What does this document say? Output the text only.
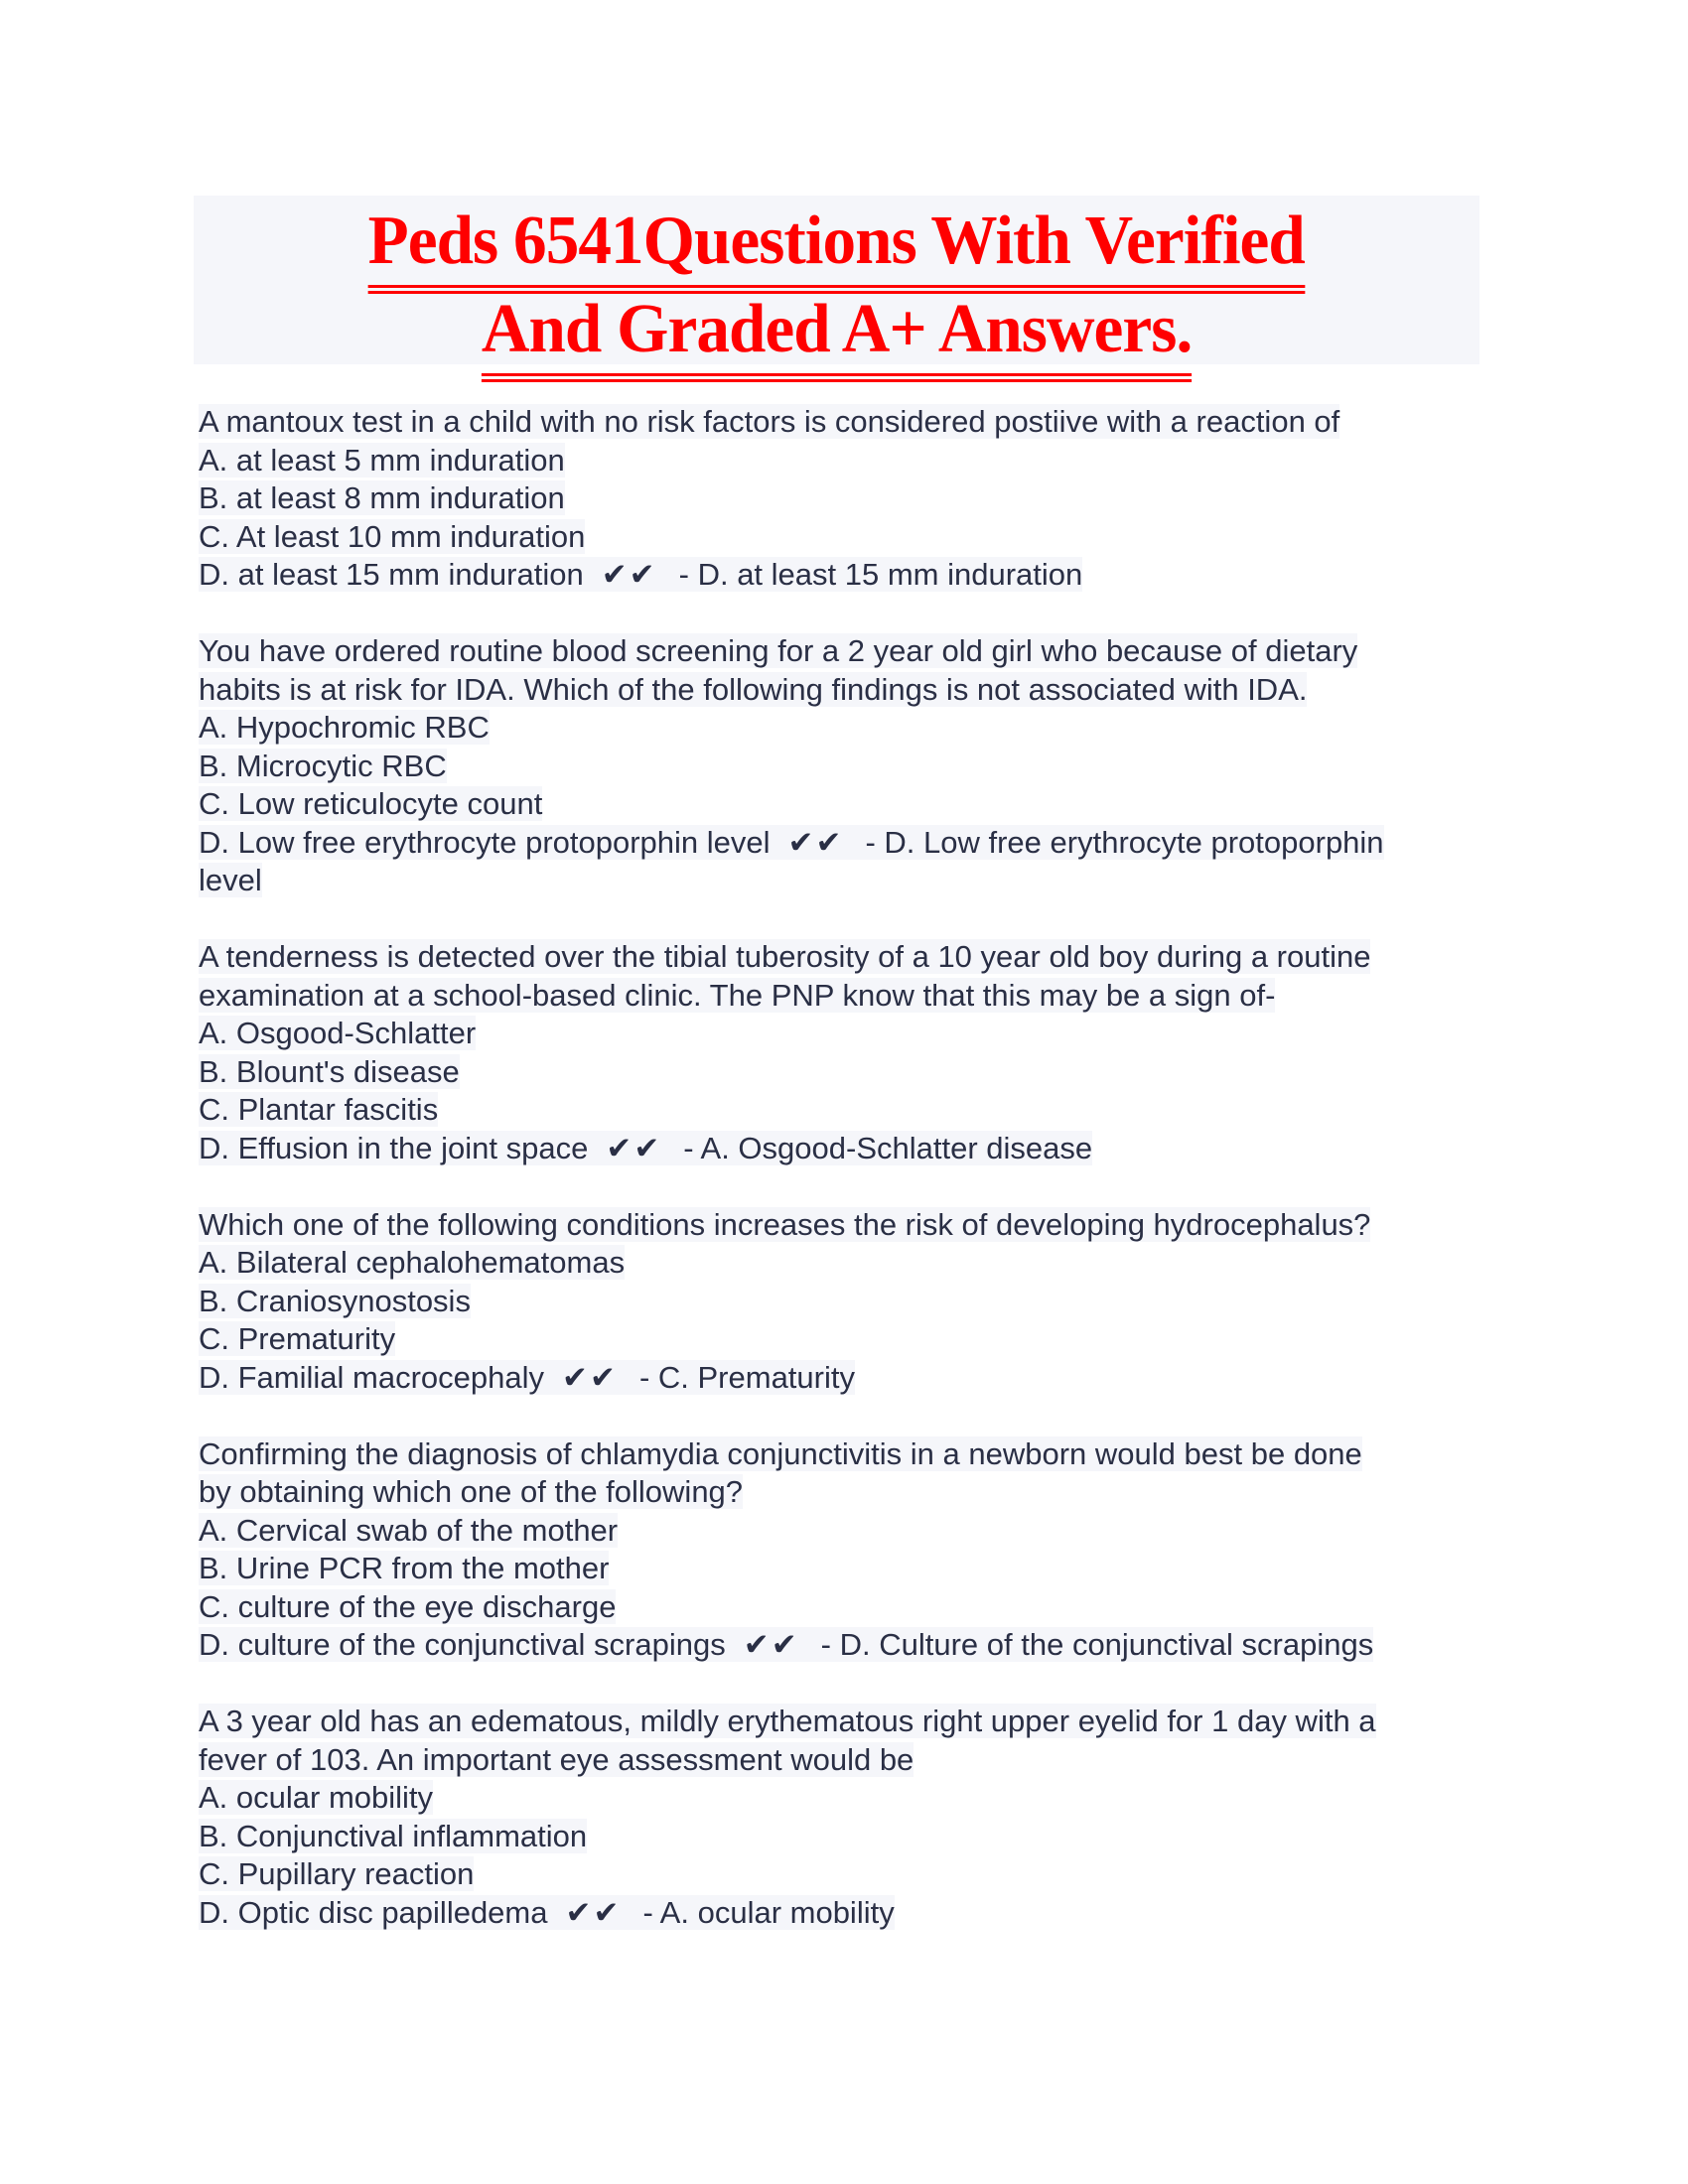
Peds 6541Questions With Verified
And Graded A+ Answers.
A mantoux test in a child with no risk factors is considered postiive with a reaction of
A. at least 5 mm induration
B. at least 8 mm induration
C. At least 10 mm induration
D. at least 15 mm induration ✔✔ - D. at least 15 mm induration
You have ordered routine blood screening for a 2 year old girl who because of dietary
habits is at risk for IDA. Which of the following findings is not associated with IDA.
A. Hypochromic RBC
B. Microcytic RBC
C. Low reticulocyte count
D. Low free erythrocyte protoporphin level ✔✔ - D. Low free erythrocyte protoporphin
level
A tenderness is detected over the tibial tuberosity of a 10 year old boy during a routine
examination at a school-based clinic. The PNP know that this may be a sign of-
A. Osgood-Schlatter
B. Blount's disease
C. Plantar fascitis
D. Effusion in the joint space ✔✔ - A. Osgood-Schlatter disease
Which one of the following conditions increases the risk of developing hydrocephalus?
A. Bilateral cephalohematomas
B. Craniosynostosis
C. Prematurity
D. Familial macrocephaly ✔✔ - C. Prematurity
Confirming the diagnosis of chlamydia conjunctivitis in a newborn would best be done
by obtaining which one of the following?
A. Cervical swab of the mother
B. Urine PCR from the mother
C. culture of the eye discharge
D. culture of the conjunctival scrapings ✔✔ - D. Culture of the conjunctival scrapings
A 3 year old has an edematous, mildly erythematous right upper eyelid for 1 day with a
fever of 103. An important eye assessment would be
A. ocular mobility
B. Conjunctival inflammation
C. Pupillary reaction
D. Optic disc papilledema ✔✔ - A. ocular mobility
